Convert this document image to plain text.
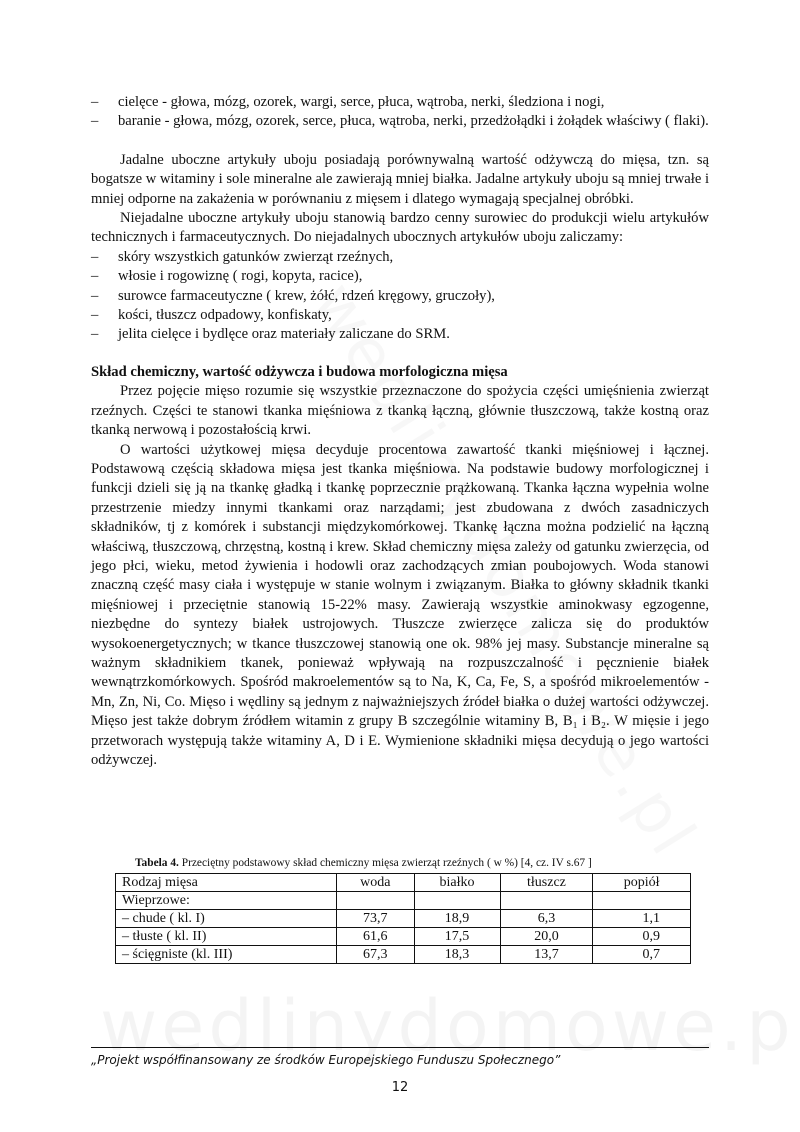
– cielęce - głowa, mózg, ozorek, wargi, serce, płuca, wątroba, nerki, śledziona i nogi,
– baranie - głowa, mózg, ozorek, serce, płuca, wątroba, nerki, przedżołądki i żołądek właściwy ( flaki).

Jadalne uboczne artykuły uboju posiadają porównywalną wartość odżywczą do mięsa, tzn. są bogatsze w witaminy i sole mineralne ale zawierają mniej białka. Jadalne artykuły uboju są mniej trwałe i mniej odporne na zakażenia w porównaniu z mięsem i dlatego wymagają specjalnej obróbki.

Niejadalne uboczne artykuły uboju stanowią bardzo cenny surowiec do produkcji wielu artykułów technicznych i farmaceutycznych. Do niejadalnych ubocznych artykułów uboju zaliczamy:

– skóry wszystkich gatunków zwierząt rzeźnych,
– włosie i rogowiznę ( rogi, kopyta, racice),
– surowce farmaceutyczne ( krew, żółć, rdzeń kręgowy, gruczoły),
– kości, tłuszcz odpadowy, konfiskaty,
– jelita cielęce i bydlęce oraz materiały zaliczane do SRM.

Skład chemiczny, wartość odżywcza i budowa morfologiczna mięsa

Przez pojęcie mięso rozumie się wszystkie przeznaczone do spożycia części umięśnienia zwierząt rzeźnych. Części te stanowi tkanka mięśniowa z tkanką łączną, głównie tłuszczową, także kostną oraz tkanką nerwową i pozostałością krwi.

O wartości użytkowej mięsa decyduje procentowa zawartość tkanki mięśniowej i łącznej. Podstawową częścią składowa mięsa jest tkanka mięśniowa. Na podstawie budowy morfologicznej i funkcji dzieli się ją na tkankę gładką i tkankę poprzecznie prążkowaną. Tkanka łączna wypełnia wolne przestrzenie miedzy innymi tkankami oraz narządami; jest zbudowana z dwóch zasadniczych składników, tj z komórek i substancji międzykomórkowej. Tkankę łączna można podzielić na łączną właściwą, tłuszczową, chrzęstną, kostną i krew. Skład chemiczny mięsa zależy od gatunku zwierzęcia, od jego płci, wieku, metod żywienia i hodowli oraz zachodzących zmian poubojowych. Woda stanowi znaczną część masy ciała i występuje w stanie wolnym i związanym. Białka to główny składnik tkanki mięśniowej i przeciętnie stanowią 15-22% masy. Zawierają wszystkie aminokwasy egzogenne, niezbędne do syntezy białek ustrojowych. Tłuszcze zwierzęce zalicza się do produktów wysokoenergetycznych; w tkance tłuszczowej stanowią one ok. 98% jej masy. Substancje mineralne są ważnym składnikiem tkanek, ponieważ wpływają na rozpuszczalność i pęcznienie białek wewnątrzkomórkowych. Spośród makroelementów są to Na, K, Ca, Fe, S, a spośród mikroelementów - Mn, Zn, Ni, Co. Mięso i wędliny są jednym z najważniejszych źródeł białka o dużej wartości odżywczej. Mięso jest także dobrym źródłem witamin z grupy B szczególnie witaminy B, B₁ i B₂. W mięsie i jego przetworach występują także witaminy A, D i E. Wymienione składniki mięsa decydują o jego wartości odżywczej.

Tabela 4. Przeciętny podstawowy skład chemiczny mięsa zwierząt rzeźnych ( w %) [4, cz. IV s.67 ]
Rodzaj mięsa	woda	białko	tłuszcz	popiół
Wieprzowe:				
– chude ( kl. I)	73,7	18,9	6,3	1,1
– tłuste ( kl. II)	61,6	17,5	20,0	0,9
– ścięgniste (kl. III)	67,3	18,3	13,7	0,7
„Projekt współfinansowany ze środków Europejskiego Funduszu Społecznego”
12
